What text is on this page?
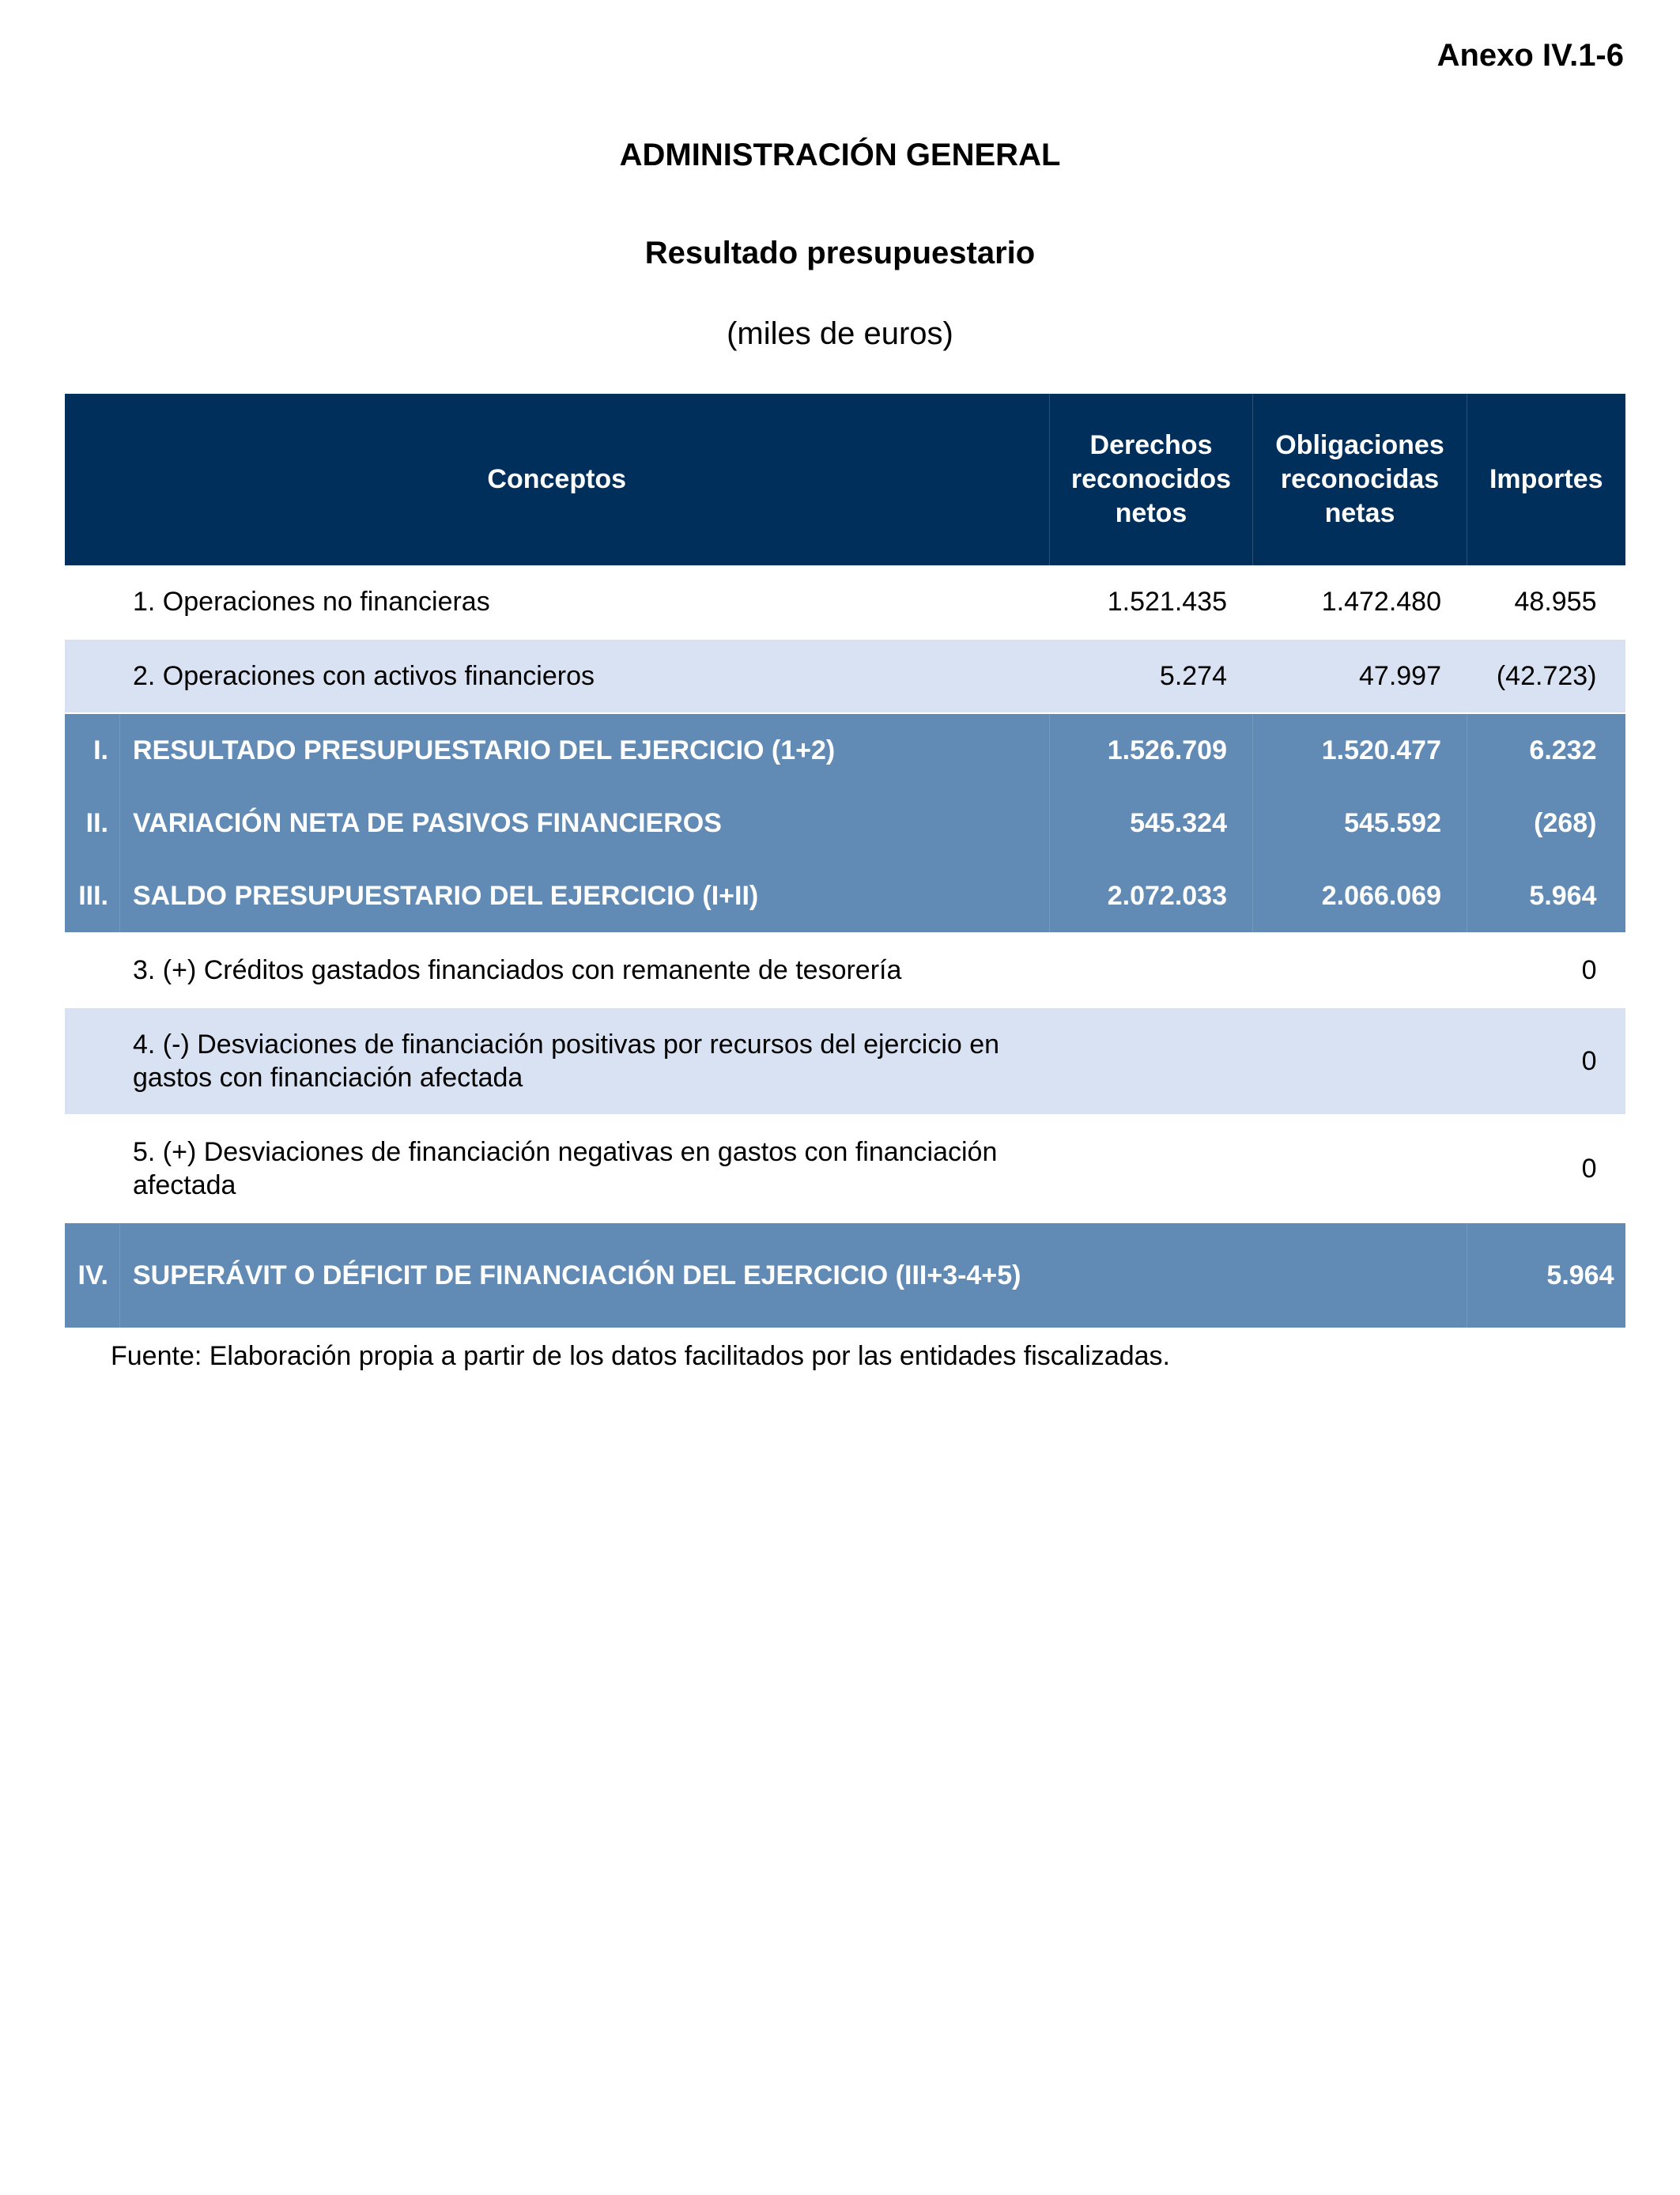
Anexo IV.1-6
ADMINISTRACIÓN GENERAL
Resultado presupuestario
(miles de euros)
Conceptos		Derechos reconocidos netos	Obligaciones reconocidas netas	Importes
	1. Operaciones no financieras	1.521.435	1.472.480	48.955
	2. Operaciones con activos financieros	5.274	47.997	(42.723)
I.	RESULTADO PRESUPUESTARIO DEL EJERCICIO (1+2)	1.526.709	1.520.477	6.232
II.	VARIACIÓN NETA DE PASIVOS FINANCIEROS	545.324	545.592	(268)
III.	SALDO PRESUPUESTARIO DEL EJERCICIO (I+II)	2.072.033	2.066.069	5.964
	3. (+) Créditos gastados financiados con remanente de tesorería			0
	4. (-) Desviaciones de financiación positivas por recursos del ejercicio en gastos con financiación afectada			0
	5. (+) Desviaciones de financiación negativas en gastos con financiación afectada			0
IV.	SUPERÁVIT O DÉFICIT DE FINANCIACIÓN DEL EJERCICIO (III+3-4+5)			5.964
Fuente: Elaboración propia a partir de los datos facilitados por las entidades fiscalizadas.
